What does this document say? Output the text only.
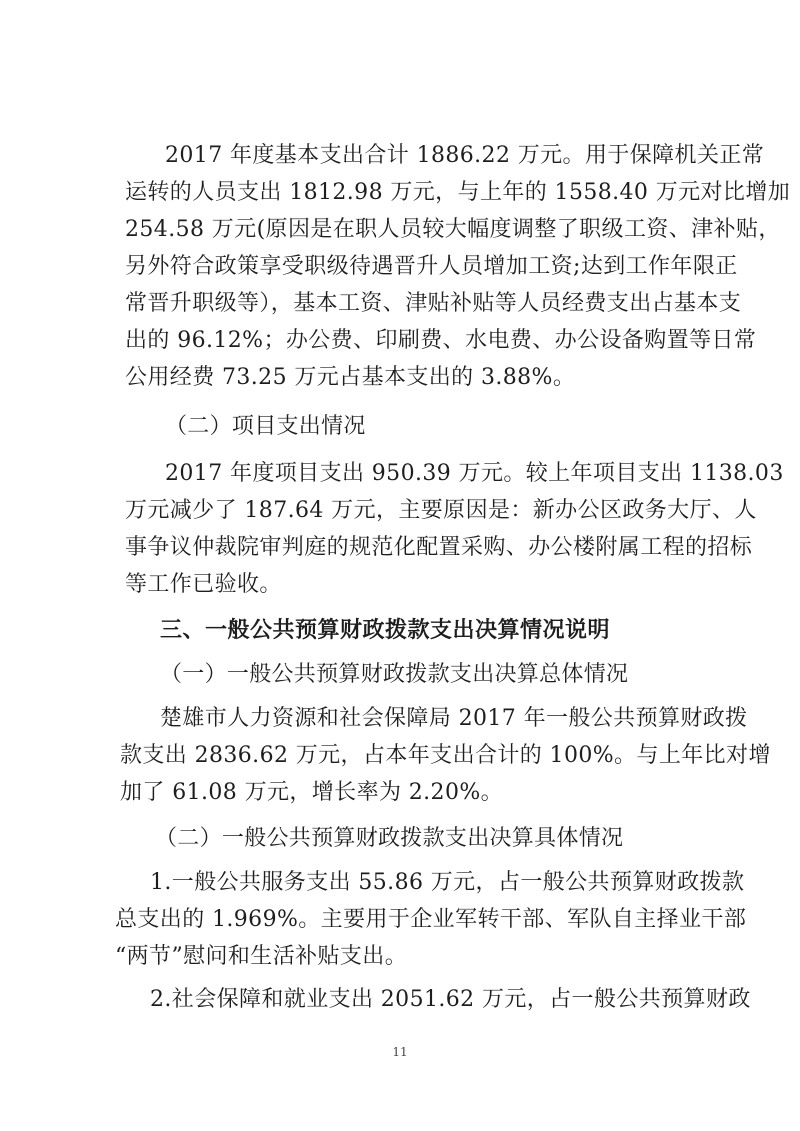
2017 年度基本支出合计 1886.22 万元。用于保障机关正常
运转的人员支出 1812.98 万元，与上年的 1558.40 万元对比增加
254.58 万元(原因是在职人员较大幅度调整了职级工资、津补贴，
另外符合政策享受职级待遇晋升人员增加工资;达到工作年限正
常晋升职级等），基本工资、津贴补贴等人员经费支出占基本支
出的 96.12%；办公费、印刷费、水电费、办公设备购置等日常
公用经费 73.25 万元占基本支出的 3.88%。
（二）项目支出情况
2017 年度项目支出 950.39 万元。较上年项目支出 1138.03
万元减少了 187.64 万元，主要原因是：新办公区政务大厅、人
事争议仲裁院审判庭的规范化配置采购、办公楼附属工程的招标
等工作已验收。
三、一般公共预算财政拨款支出决算情况说明
（一）一般公共预算财政拨款支出决算总体情况
楚雄市人力资源和社会保障局 2017 年一般公共预算财政拨
款支出 2836.62 万元，占本年支出合计的 100%。与上年比对增
加了 61.08 万元，增长率为 2.20%。
（二）一般公共预算财政拨款支出决算具体情况
1.一般公共服务支出 55.86 万元，占一般公共预算财政拨款
总支出的 1.969%。主要用于企业军转干部、军队自主择业干部
“两节”慰问和生活补贴支出。
2.社会保障和就业支出 2051.62 万元，占一般公共预算财政
11
